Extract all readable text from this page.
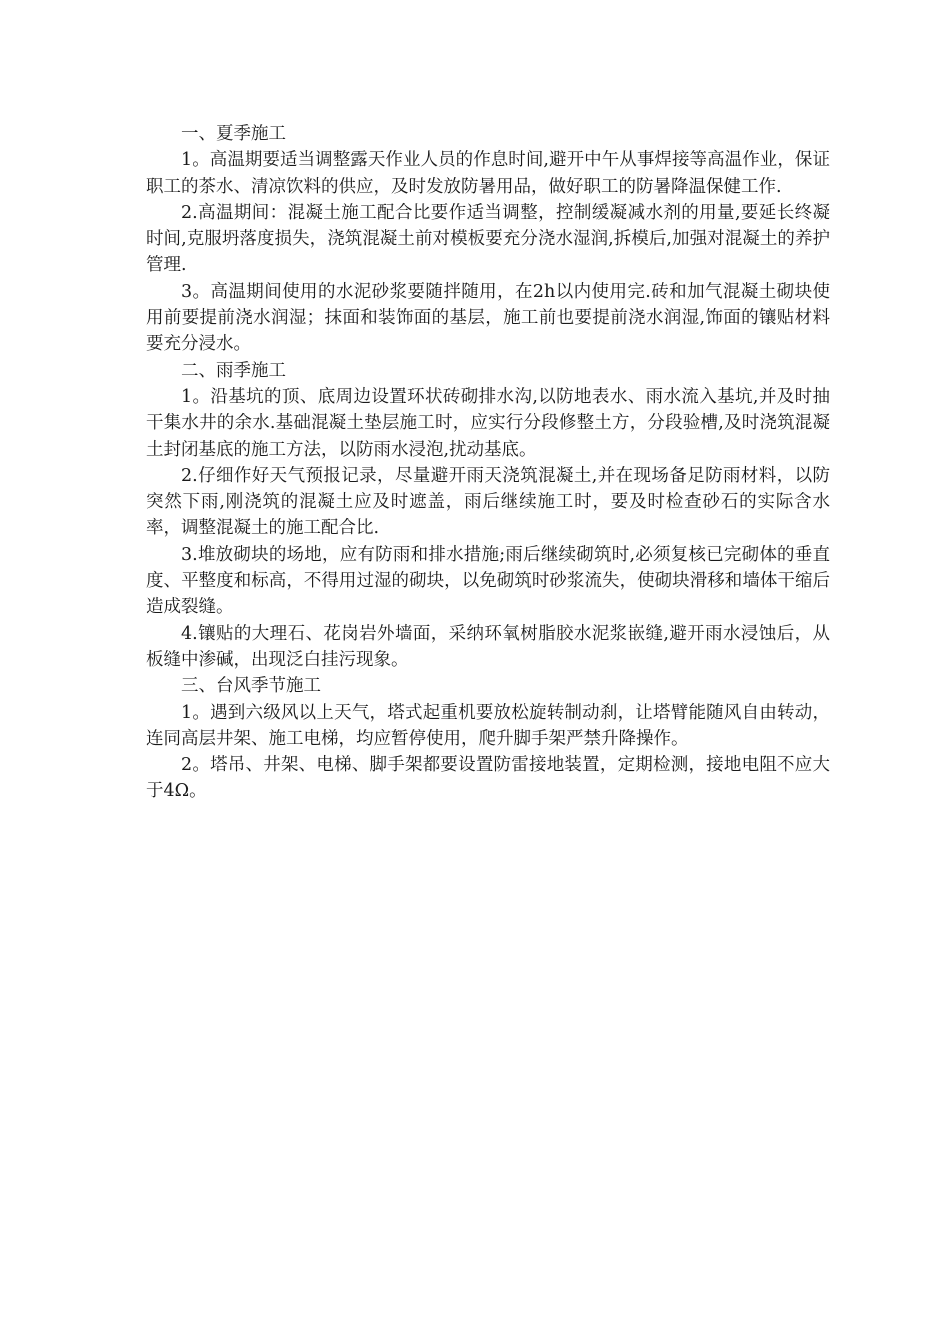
一、夏季施工

1。高温期要适当调整露天作业人员的作息时间,避开中午从事焊接等高温作业，保证职工的茶水、清凉饮料的供应，及时发放防暑用品，做好职工的防暑降温保健工作.

2.高温期间：混凝土施工配合比要作适当调整，控制缓凝减水剂的用量,要延长终凝时间,克服坍落度损失，浇筑混凝土前对模板要充分浇水湿润,拆模后,加强对混凝土的养护管理.

3。高温期间使用的水泥砂浆要随拌随用，在2h以内使用完.砖和加气混凝土砌块使用前要提前浇水润湿；抹面和装饰面的基层，施工前也要提前浇水润湿,饰面的镶贴材料要充分浸水。

二、雨季施工

1。沿基坑的顶、底周边设置环状砖砌排水沟,以防地表水、雨水流入基坑,并及时抽干集水井的余水.基础混凝土垫层施工时，应实行分段修整土方，分段验槽,及时浇筑混凝土封闭基底的施工方法，以防雨水浸泡,扰动基底。

2.仔细作好天气预报记录，尽量避开雨天浇筑混凝土,并在现场备足防雨材料，以防突然下雨,刚浇筑的混凝土应及时遮盖，雨后继续施工时，要及时检查砂石的实际含水率，调整混凝土的施工配合比.

3.堆放砌块的场地，应有防雨和排水措施;雨后继续砌筑时,必须复核已完砌体的垂直度、平整度和标高，不得用过湿的砌块，以免砌筑时砂浆流失，使砌块滑移和墙体干缩后造成裂缝。

4.镶贴的大理石、花岗岩外墙面，采纳环氧树脂胶水泥浆嵌缝,避开雨水浸蚀后，从板缝中渗碱，出现泛白挂污现象。

三、台风季节施工

1。遇到六级风以上天气，塔式起重机要放松旋转制动刹，让塔臂能随风自由转动，连同高层井架、施工电梯，均应暂停使用，爬升脚手架严禁升降操作。

2。塔吊、井架、电梯、脚手架都要设置防雷接地装置，定期检测，接地电阻不应大于4Ω。
